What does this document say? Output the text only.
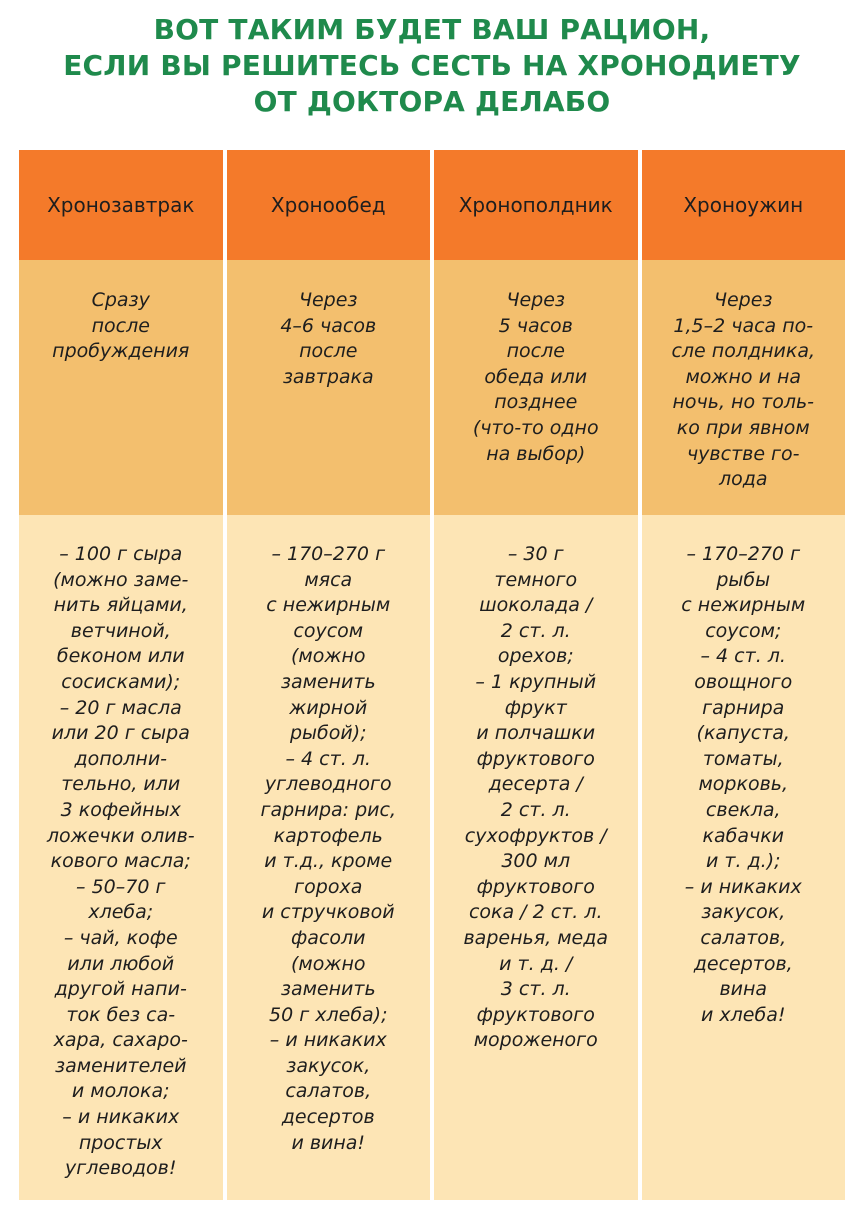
ВОТ ТАКИМ БУДЕТ ВАШ РАЦИОН,
ЕСЛИ ВЫ РЕШИТЕСЬ СЕСТЬ НА ХРОНОДИЕТУ
ОТ ДОКТОРА ДЕЛАБО
Хронозавтрак
Сразу
после
пробуждения
– 100 г сыра
(можно заме-
нить яйцами,
ветчиной,
беконом или
сосисками);
– 20 г масла
или 20 г сыра
дополни-
тельно, или
3 кофейных
ложечки олив-
кового масла;
– 50–70 г
хлеба;
– чай, кофе
или любой
другой напи-
ток без са-
хара, сахаро-
заменителей
и молока;
– и никаких
простых
углеводов!
Хронообед
Через
4–6 часов
после
завтрака
– 170–270 г
мяса
с нежирным
соусом
(можно
заменить
жирной
рыбой);
– 4 ст. л.
углеводного
гарнира: рис,
картофель
и т.д., кроме
гороха
и стручковой
фасоли
(можно
заменить
50 г хлеба);
– и никаких
закусок,
салатов,
десертов
и вина!
Хронополдник
Через
5 часов
после
обеда или
позднее
(что-то одно
на выбор)
– 30 г
темного
шоколада /
2 ст. л.
орехов;
– 1 крупный
фрукт
и полчашки
фруктового
десерта /
2 ст. л.
сухофруктов /
300 мл
фруктового
сока / 2 ст. л.
варенья, меда
и т. д. /
3 ст. л.
фруктового
мороженого
Хроноужин
Через
1,5–2 часа по-
сле полдника,
можно и на
ночь, но толь-
ко при явном
чувстве го-
лода
– 170–270 г
рыбы
с нежирным
соусом;
– 4 ст. л.
овощного
гарнира
(капуста,
томаты,
морковь,
свекла,
кабачки
и т. д.);
– и никаких
закусок,
салатов,
десертов,
вина
и хлеба!
